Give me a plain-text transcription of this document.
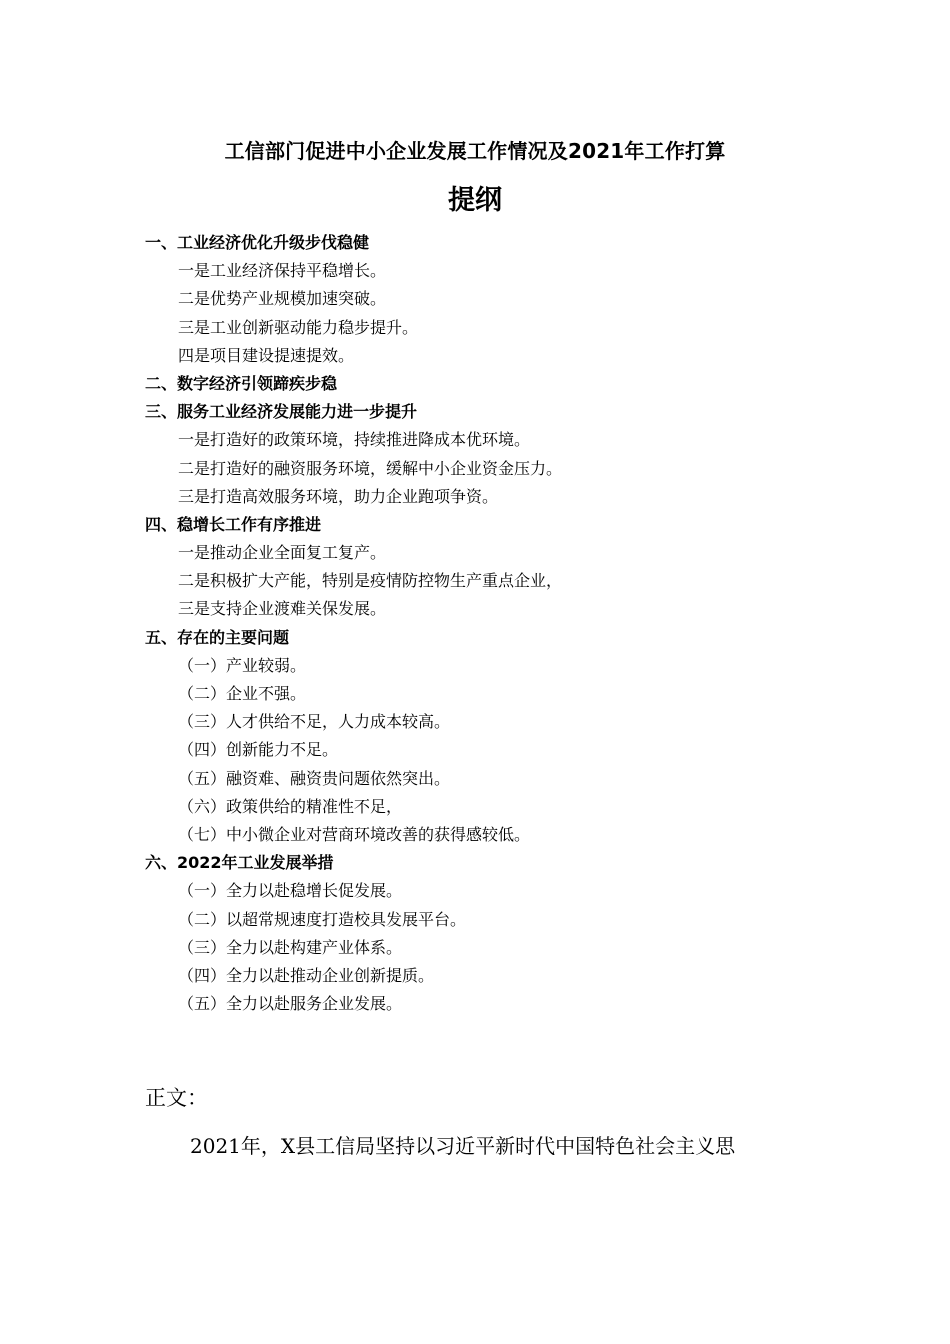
工信部门促进中小企业发展工作情况及2021年工作打算
提纲
一、工业经济优化升级步伐稳健
一是工业经济保持平稳增长。
二是优势产业规模加速突破。
三是工业创新驱动能力稳步提升。
四是项目建设提速提效。
二、数字经济引领蹄疾步稳
三、服务工业经济发展能力进一步提升
一是打造好的政策环境，持续推进降成本优环境。
二是打造好的融资服务环境，缓解中小企业资金压力。
三是打造高效服务环境，助力企业跑项争资。
四、稳增长工作有序推进
一是推动企业全面复工复产。
二是积极扩大产能，特别是疫情防控物生产重点企业，
三是支持企业渡难关保发展。
五、存在的主要问题
（一）产业较弱。
（二）企业不强。
（三）人才供给不足，人力成本较高。
（四）创新能力不足。
（五）融资难、融资贵问题依然突出。
（六）政策供给的精准性不足，
（七）中小微企业对营商环境改善的获得感较低。
六、2022年工业发展举措
（一）全力以赴稳增长促发展。
（二）以超常规速度打造校具发展平台。
（三）全力以赴构建产业体系。
（四）全力以赴推动企业创新提质。
（五）全力以赴服务企业发展。
正文：
2021年，X县工信局坚持以习近平新时代中国特色社会主义思
